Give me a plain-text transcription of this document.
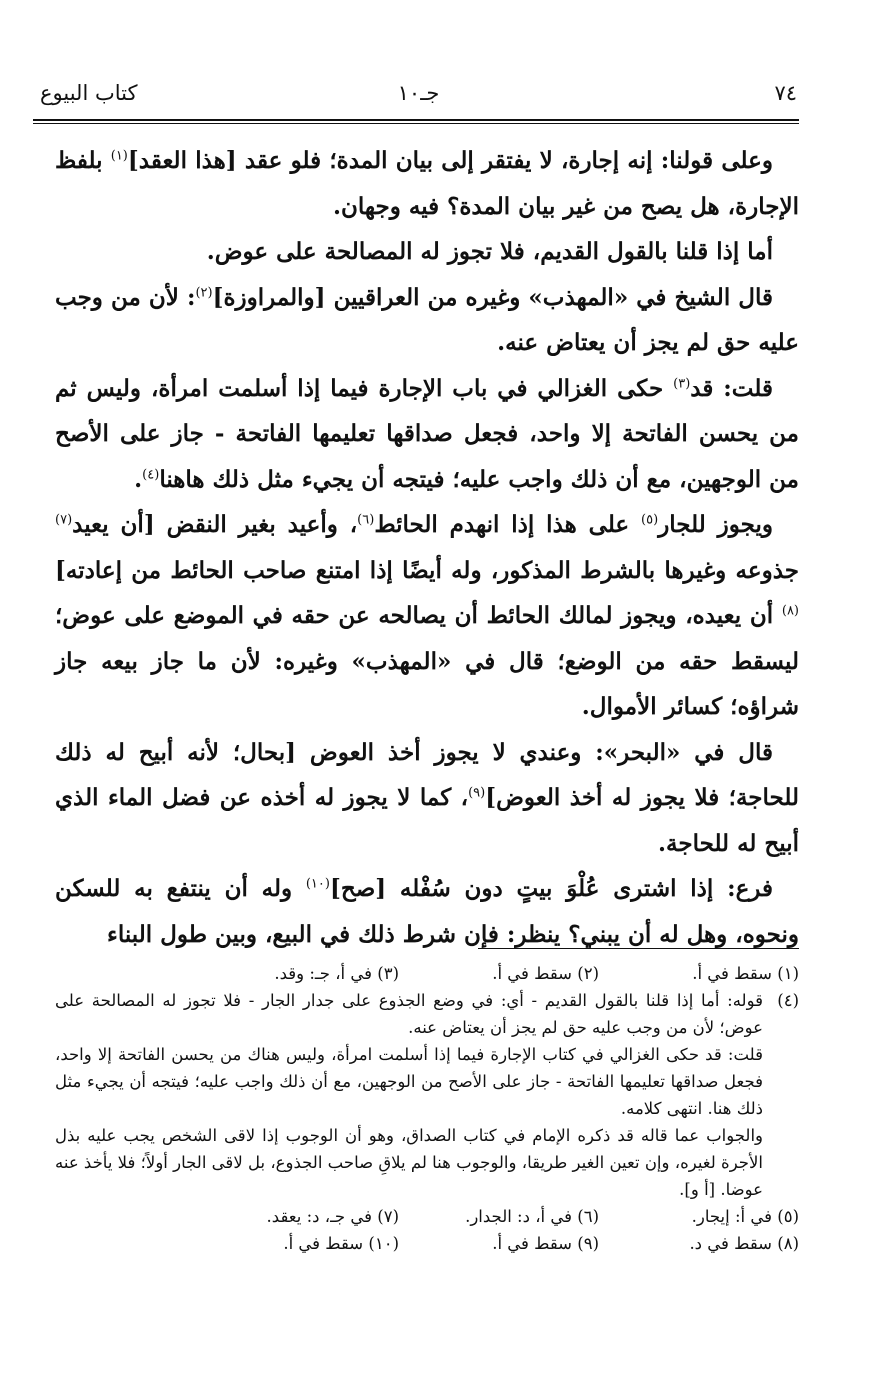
٧٤
جـ١٠
كتاب البيوع

وعلى قولنا: إنه إجارة، لا يفتقر إلى بيان المدة؛ فلو عقد [هذا العقد]$^{(١)}$ بلفظ الإجارة، هل يصح من غير بيان المدة؟ فيه وجهان.

أما إذا قلنا بالقول القديم، فلا تجوز له المصالحة على عوض.

قال الشيخ في «المهذب» وغيره من العراقيين [والمراوزة]$^{(٢)}$: لأن من وجب عليه حق لم يجز أن يعتاض عنه.

قلت: قد$^{(٣)}$ حكى الغزالي في باب الإجارة فيما إذا أسلمت امرأة، وليس ثم من يحسن الفاتحة إلا واحد، فجعل صداقها تعليمها الفاتحة - جاز على الأصح من الوجهين، مع أن ذلك واجب عليه؛ فيتجه أن يجيء مثل ذلك هاهنا$^{(٤)}$.

ويجوز للجار$^{(٥)}$ على هذا إذا انهدم الحائط$^{(٦)}$، وأعيد بغير النقض [أن يعيد$^{(٧)}$ جذوعه وغيرها بالشرط المذكور، وله أيضًا إذا امتنع صاحب الحائط من إعادته]$^{(٨)}$ أن يعيده، ويجوز لمالك الحائط أن يصالحه عن حقه في الموضع على عوض؛ ليسقط حقه من الوضع؛ قال في «المهذب» وغيره: لأن ما جاز بيعه جاز شراؤه؛ كسائر الأموال.

قال في «البحر»: وعندي لا يجوز أخذ العوض [بحال؛ لأنه أبيح له ذلك للحاجة؛ فلا يجوز له أخذ العوض]$^{(٩)}$، كما لا يجوز له أخذه عن فضل الماء الذي أبيح له للحاجة.

فرع: إذا اشترى عُلْوَ بيتٍ دون سُفْله [صح]$^{(١٠)}$ وله أن ينتفع به للسكن ونحوه، وهل له أن يبني؟ ينظر: فإن شرط ذلك في البيع، وبين طول البناء

(١) سقط في أ.
(٢) سقط في أ.
(٣) في أ، جـ: وقد.
(٤)

قوله: أما إذا قلنا بالقول القديم - أي: في وضع الجذوع على جدار الجار - فلا تجوز له المصالحة على عوض؛ لأن من وجب عليه حق لم يجز أن يعتاض عنه.

قلت: قد حكى الغزالي في كتاب الإجارة فيما إذا أسلمت امرأة، وليس هناك من يحسن الفاتحة إلا واحد، فجعل صداقها تعليمها الفاتحة - جاز على الأصح من الوجهين، مع أن ذلك واجب عليه؛ فيتجه أن يجيء مثل ذلك هنا. انتهى كلامه.

والجواب عما قاله قد ذكره الإمام في كتاب الصداق، وهو أن الوجوب إذا لاقى الشخص يجب عليه بذل الأجرة لغيره، وإن تعين الغير طريقا، والوجوب هنا لم يلاقِ صاحب الجذوع، بل لاقى الجار أولاً؛ فلا يأخذ عنه عوضا. [أ و].

(٥) في أ: إيجار.
(٦) في أ، د: الجدار.
(٧) في جـ، د: يعقد.
(٨) سقط في د.
(٩) سقط في أ.
(١٠) سقط في أ.
